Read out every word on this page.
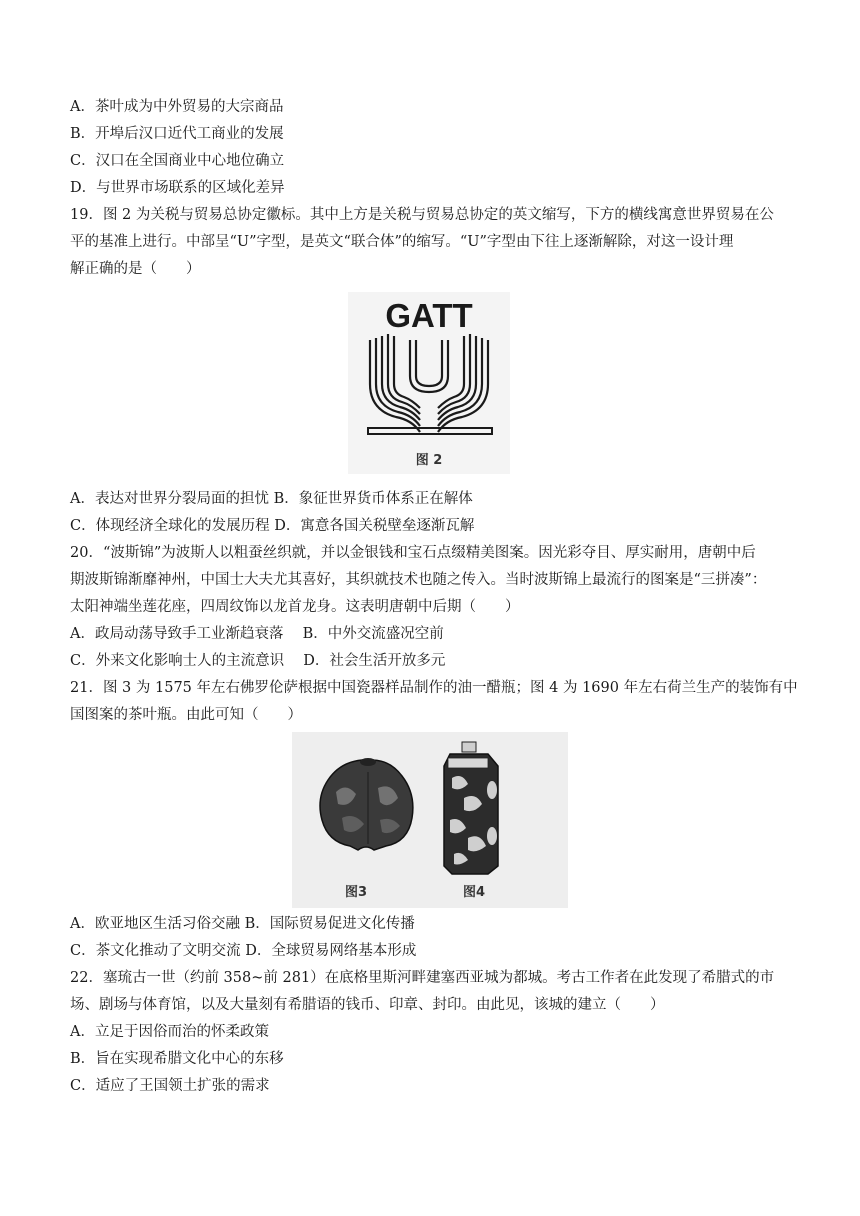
A．茶叶成为中外贸易的大宗商品
B．开埠后汉口近代工商业的发展
C．汉口在全国商业中心地位确立
D．与世界市场联系的区域化差异
19．图 2 为关税与贸易总协定徽标。其中上方是关税与贸易总协定的英文缩写，下方的横线寓意世界贸易在公
平的基准上进行。中部呈“U”字型，是英文“联合体”的缩写。“U”字型由下往上逐渐解除，对这一设计理
解正确的是（　　）
GATT
图 2
A．表达对世界分裂局面的担忧 B．象征世界货币体系正在解体
C．体现经济全球化的发展历程 D．寓意各国关税壁垒逐渐瓦解
20．“波斯锦”为波斯人以粗蚕丝织就，并以金银钱和宝石点缀精美图案。因光彩夺目、厚实耐用，唐朝中后
期波斯锦渐靡神州，中国士大夫尤其喜好，其织就技术也随之传入。当时波斯锦上最流行的图案是“三拼凑”：
太阳神端坐莲花座，四周纹饰以龙首龙身。这表明唐朝中后期（　　）
A．政局动荡导致手工业渐趋衰落　 B．中外交流盛况空前
C．外来文化影响士人的主流意识　 D．社会生活开放多元
21．图 3 为 1575 年左右佛罗伦萨根据中国瓷器样品制作的油一醋瓶；图 4 为 1690 年左右荷兰生产的装饰有中
国图案的茶叶瓶。由此可知（　　）
图3	图4
A．欧亚地区生活习俗交融 B．国际贸易促进文化传播
C．茶文化推动了文明交流 D．全球贸易网络基本形成
22．塞琉古一世（约前 358~前 281）在底格里斯河畔建塞西亚城为都城。考古工作者在此发现了希腊式的市
场、剧场与体育馆，以及大量刻有希腊语的钱币、印章、封印。由此见，该城的建立（　　）
A．立足于因俗而治的怀柔政策
B．旨在实现希腊文化中心的东移
C．适应了王国领土扩张的需求
